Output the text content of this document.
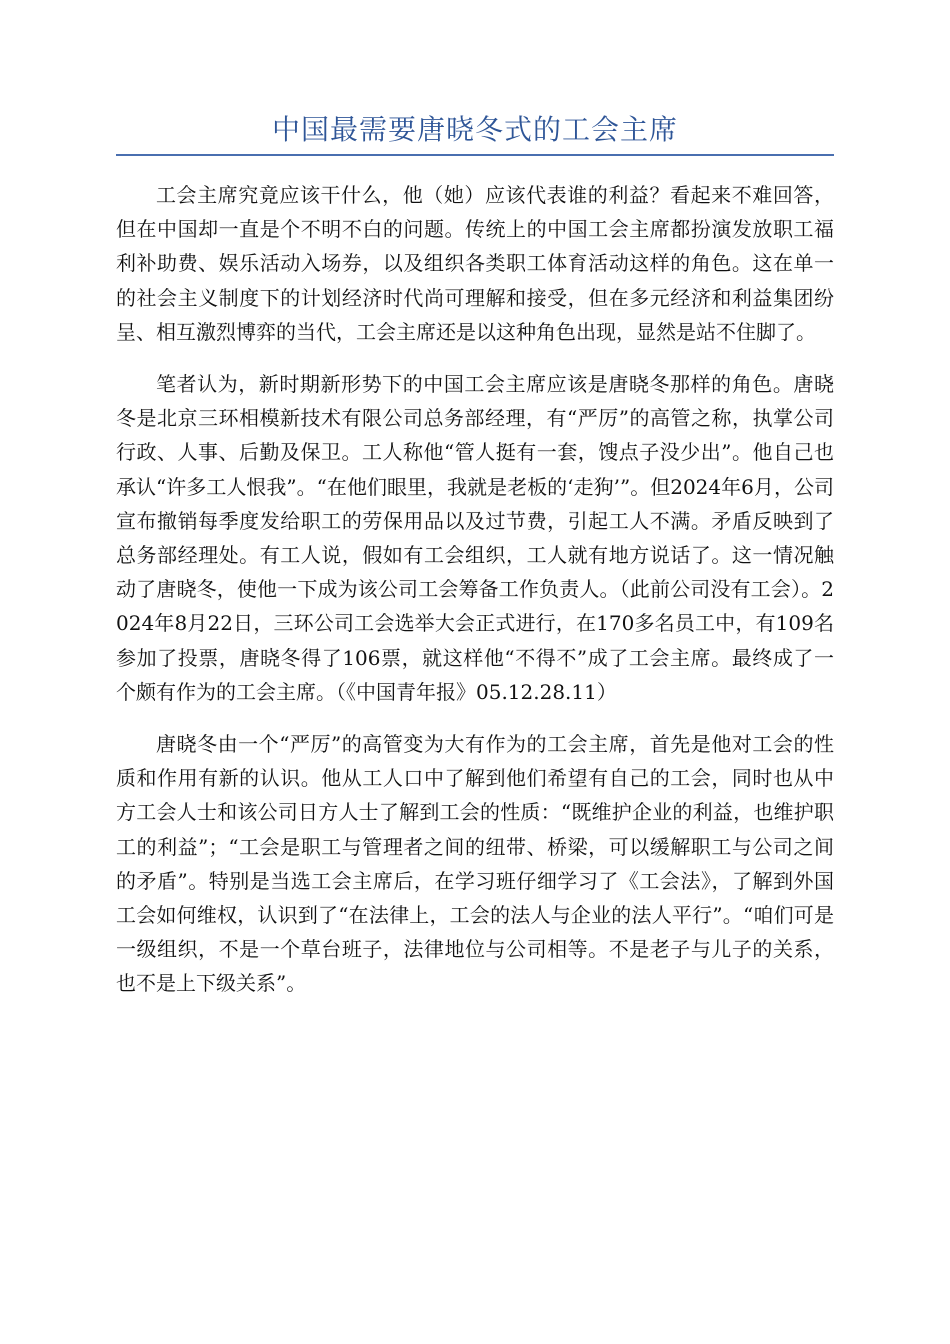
中国最需要唐晓冬式的工会主席

工会主席究竟应该干什么，他（她）应该代表谁的利益？看起来不难回答，但在中国却一直是个不明不白的问题。传统上的中国工会主席都扮演发放职工福利补助费、娱乐活动入场券，以及组织各类职工体育活动这样的角色。这在单一的社会主义制度下的计划经济时代尚可理解和接受，但在多元经济和利益集团纷呈、相互激烈博弈的当代，工会主席还是以这种角色出现，显然是站不住脚了。

笔者认为，新时期新形势下的中国工会主席应该是唐晓冬那样的角色。唐晓冬是北京三环相模新技术有限公司总务部经理，有“严厉”的高管之称，执掌公司行政、人事、后勤及保卫。工人称他“管人挺有一套，馊点子没少出”。他自己也承认“许多工人恨我”。“在他们眼里，我就是老板的‘走狗’”。但2024年6月，公司宣布撤销每季度发给职工的劳保用品以及过节费，引起工人不满。矛盾反映到了总务部经理处。有工人说，假如有工会组织，工人就有地方说话了。这一情况触动了唐晓冬，使他一下成为该公司工会筹备工作负责人。（此前公司没有工会）。2024年8月22日，三环公司工会选举大会正式进行，在170多名员工中，有109名参加了投票，唐晓冬得了106票，就这样他“不得不”成了工会主席。最终成了一个颇有作为的工会主席。（《中国青年报》05.12.28.11）

唐晓冬由一个“严厉”的高管变为大有作为的工会主席，首先是他对工会的性质和作用有新的认识。他从工人口中了解到他们希望有自己的工会，同时也从中方工会人士和该公司日方人士了解到工会的性质：“既维护企业的利益，也维护职工的利益”；“工会是职工与管理者之间的纽带、桥梁，可以缓解职工与公司之间的矛盾”。特别是当选工会主席后，在学习班仔细学习了《工会法》，了解到外国工会如何维权，认识到了“在法律上，工会的法人与企业的法人平行”。“咱们可是一级组织，不是一个草台班子，法律地位与公司相等。不是老子与儿子的关系，也不是上下级关系”。
